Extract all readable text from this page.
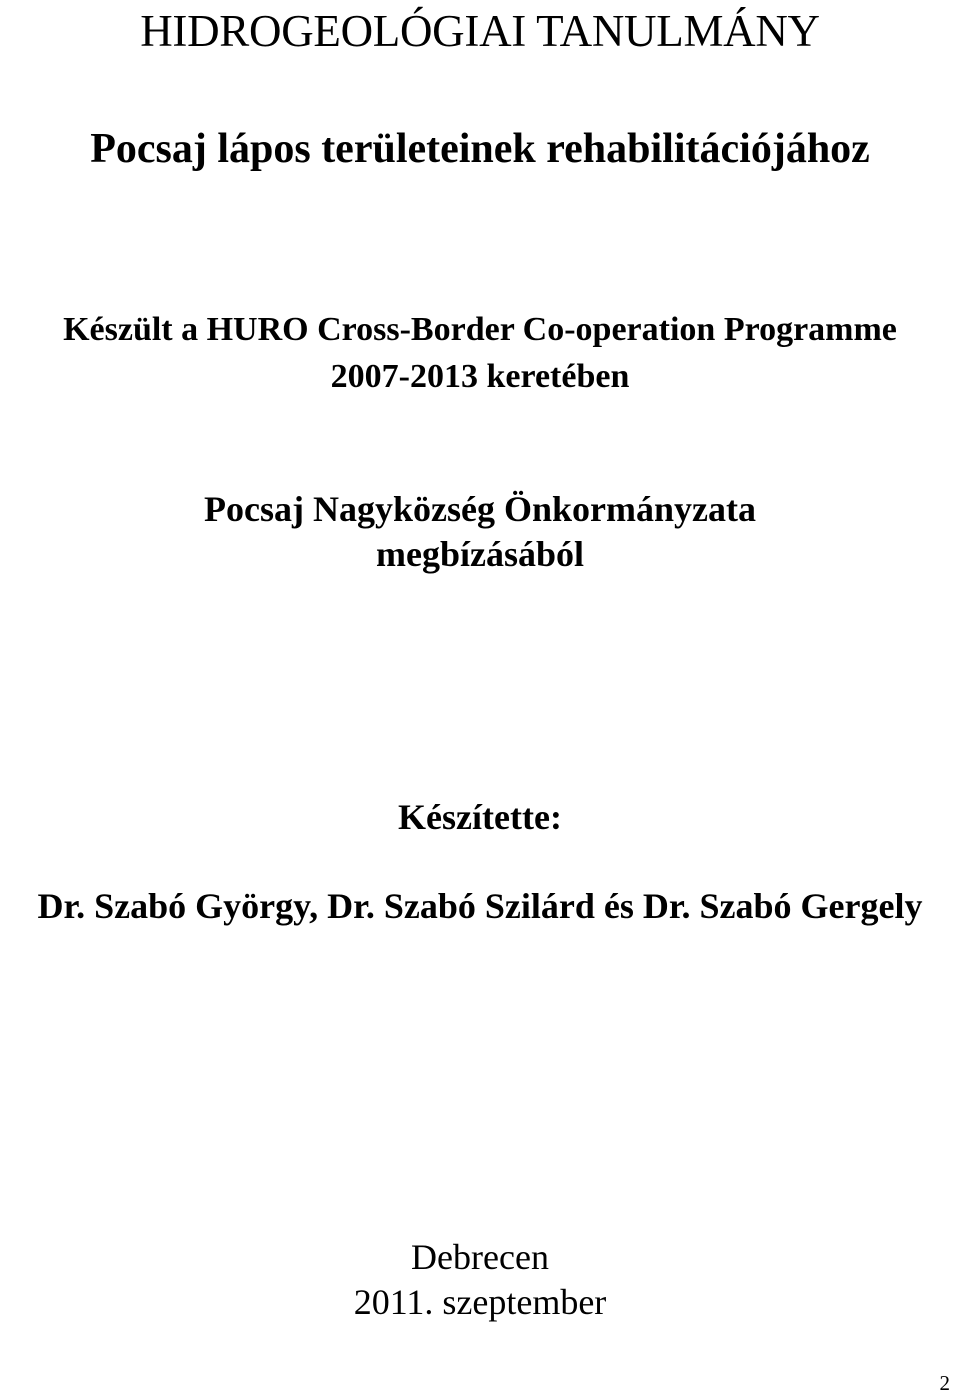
HIDROGEOLÓGIAI TANULMÁNY
Pocsaj lápos területeinek rehabilitációjához
Készült a HURO Cross-Border Co-operation Programme
2007-2013 keretében
Pocsaj Nagyközség Önkormányzata
megbízásából
Készítette:
Dr. Szabó György, Dr. Szabó Szilárd és Dr. Szabó Gergely
Debrecen
2011. szeptember
2
